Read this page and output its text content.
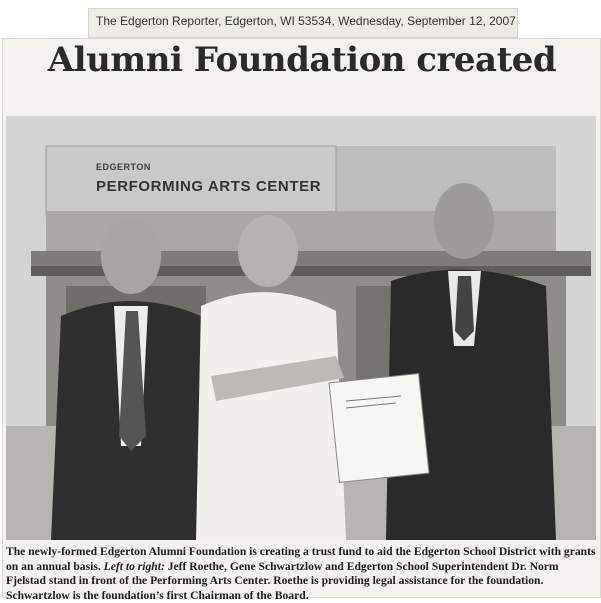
The Edgerton Reporter, Edgerton, WI 53534, Wednesday, September 12, 2007
Alumni Foundation created
EDGERTON
PERFORMING ARTS CENTER
The newly-formed Edgerton Alumni Foundation is creating a trust fund to aid the Edgerton School District with grants on an annual basis. Left to right: Jeff Roethe, Gene Schwartzlow and Edgerton School Superintendent Dr. Norm Fjelstad stand in front of the Performing Arts Center. Roethe is providing legal assistance for the foundation. Schwartzlow is the foundation’s first Chairman of the Board.
